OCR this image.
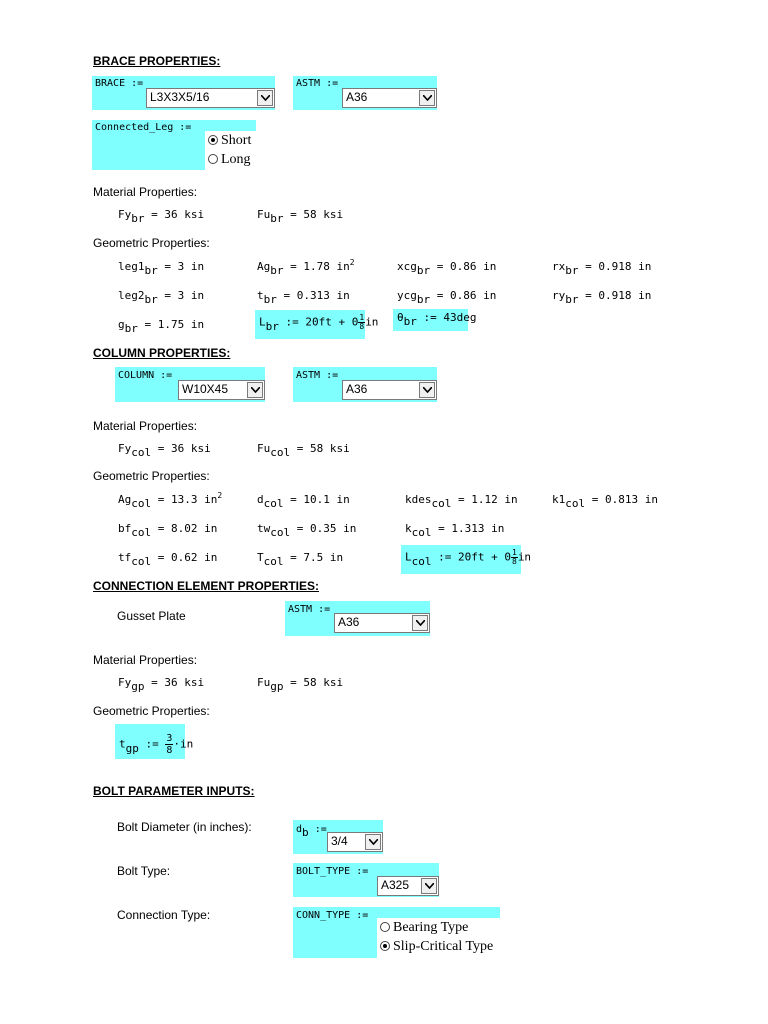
BRACE PROPERTIES:
BRACE :=
L3X3X5/16
ASTM :=
A36
Connected_Leg :=
Short
Long
Material Properties:
Fybr = 36 ksi	Fubr = 58 ksi
Geometric Properties:
leg1br = 3 in	Agbr = 1.78 $in^2$	xcgbr = 0.86 in	rxbr = 0.918 in
leg2br = 3 in	tbr = 0.313 in	ycgbr = 0.86 in	rybr = 0.918 in
gbr = 1.75 in	Lbr := $20ft + 0 \frac{1}{8}$ in θbr := 43deg
COLUMN PROPERTIES:
COLUMN :=
W10X45
ASTM :=
A36
Material Properties:
Fycol = 36 ksi	Fucol = 58 ksi
Geometric Properties:
Agcol = 13.3 $in^2$	dcol = 10.1 in	kdescol = 1.12 in	k1col = 0.813 in
bfcol = 8.02 in	twcol = 0.35 in	kcol = 1.313 in
tfcol = 0.62 in	Tcol = 7.5 in	Lcol := $20ft + 0 \frac{1}{8}$ in
CONNECTION ELEMENT PROPERTIES:
Gusset Plate	ASTM :=
A36
Material Properties:
Fygp = 36 ksi	Fugp = 58 ksi
Geometric Properties:
tgp := $\frac{3}{8} \cdot in$
BOLT PARAMETER INPUTS:
Bolt Diameter (in inches):	db :=
3/4
Bolt Type:	BOLT_TYPE :=
A325
Connection Type:	CONN_TYPE :=
Bearing Type
Slip-Critical Type
